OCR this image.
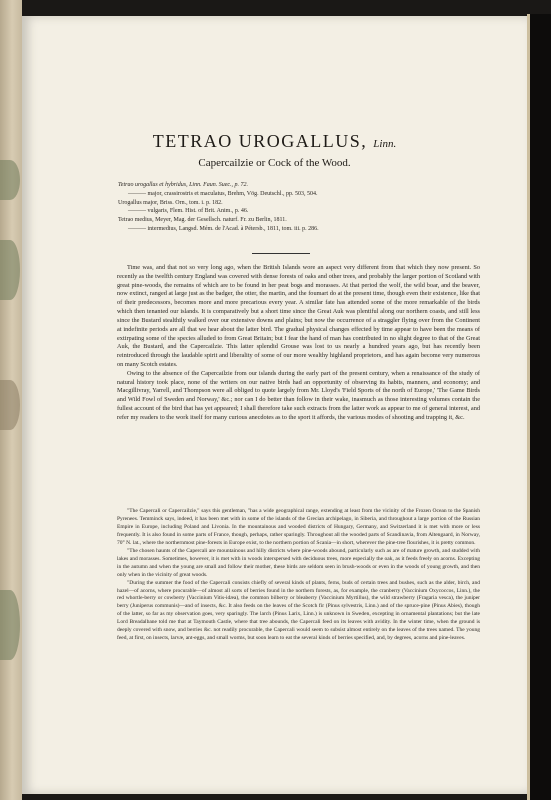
TETRAO UROGALLUS, Linn.
Capercailzie or Cock of the Wood.
Tetrao urogallus et hybridus, Linn. Faun. Suec., p. 72.
——— major, crassirostris et maculatus, Brehm, Vög. Deutschl., pp. 503, 504.
Urogallus major, Briss. Orn., tom. i. p. 182.
——— vulgaris, Flem. Hist. of Brit. Anim., p. 46.
Tetrao medius, Meyer, Mag. der Gesellsch. naturf. Fr. zu Berlin, 1811.
——— intermedius, Langsd. Mém. de l'Acad. à Pétersb., 1811, tom. iii. p. 286.

Time was, and that not so very long ago, when the British Islands wore an aspect very different from that which they now present. So recently as the twelfth century England was covered with dense forests of oaks and other trees, and probably the larger portion of Scotland with great pine-woods, the remains of which are to be found in her peat bogs and morasses. At that period the wolf, the wild boar, and the beaver, now extinct, ranged at large just as the badger, the otter, the martin, and the foumart do at the present time, though even their existence, like that of their predecessors, becomes more and more precarious every year. A similar fate has attended some of the more remarkable of the birds which then tenanted our islands. It is comparatively but a short time since the Great Auk was plentiful along our northern coasts, and still less since the Bustard stealthily walked over our extensive downs and plains; but now the occurrence of a straggler flying over from the Continent at indefinite periods are all that we hear about the latter bird. The gradual physical changes effected by time appear to have been the means of extirpating some of the species alluded to from Great Britain; but I fear the hand of man has contributed in no slight degree to that of the Great Auk, the Bustard, and the Capercailzie. This latter splendid Grouse was lost to us nearly a hundred years ago, but has recently been reintroduced through the laudable spirit and liberality of some of our more wealthy highland proprietors, and has again become very numerous on many Scotch estates.

Owing to the absence of the Capercailzie from our islands during the early part of the present century, when a renaissance of the study of natural history took place, none of the writers on our native birds had an opportunity of observing its habits, manners, and economy; and Macgillivray, Yarrell, and Thompson were all obliged to quote largely from Mr. Lloyd's 'Field Sports of the north of Europe,' 'The Game Birds and Wild Fowl of Sweden and Norway,' &c.; nor can I do better than follow in their wake, inasmuch as those interesting volumes contain the fullest account of the bird that has yet appeared; I shall therefore take such extracts from the latter work as appear to me of general interest, and refer my readers to the work itself for many curious anecdotes as to the sport it affords, the various modes of shooting and trapping it, &c.

"The Capercali or Capercailzie," says this gentleman, "has a wide geographical range, extending at least from the vicinity of the Frozen Ocean to the Spanish Pyrenees. Temminck says, indeed, it has been met with in some of the islands of the Grecian archipelago, in Siberia, and throughout a large portion of the Russian Empire in Europe, including Poland and Livonia. In the mountainous and wooded districts of Hungary, Germany, and Switzerland it is met with more or less frequently. It is also found in some parts of France, though, perhaps, rather sparingly. Throughout all the wooded parts of Scandinavia, from Altengaard, in Norway, 70° N. lat., where the northernmost pine-forests in Europe exist, to the northern portion of Scania—in short, wherever the pine-tree flourishes, it is pretty common.

"The chosen haunts of the Capercali are mountainous and hilly districts where pine-woods abound, particularly such as are of mature growth, and studded with lakes and morasses. Sometimes, however, it is met with in woods interspersed with deciduous trees, more especially the oak, as it feeds freely on acorns. Excepting in the autumn and when the young are small and follow their mother, these birds are seldom seen in brush-woods or even in the woods of young growth, and then only when in the vicinity of great woods.

"During the summer the food of the Capercali consists chiefly of several kinds of plants, ferns, buds of certain trees and bushes, such as the alder, birch, and hazel—of acorns, where procurable—of almost all sorts of berries found in the northern forests, as, for example, the cranberry (Vaccinium Oxycoccos, Linn.), the red whortle-berry or cowberry (Vaccinium Vitis-idæa), the common bilberry or bleaberry (Vaccinium Myrtillus), the wild strawberry (Fragaria vesca), the juniper berry (Juniperus communis)—and of insects, &c. It also feeds on the leaves of the Scotch fir (Pinus sylvestris, Linn.) and of the spruce-pine (Pinus Abies), though of the latter, so far as my observation goes, very sparingly. The larch (Pinus Larix, Linn.) is unknown in Sweden, excepting in ornamental plantations; but the late Lord Breadalbane told me that at Taymouth Castle, where that tree abounds, the Capercali feed on its leaves with avidity. In the winter time, when the ground is deeply covered with snow, and berries &c. not readily procurable, the Capercali would seem to subsist almost entirely on the leaves of the trees named. The young feed, at first, on insects, larvæ, ant-eggs, and small worms, but soon learn to eat the several kinds of berries specified, and, by degrees, acorns and pine-leaves.
